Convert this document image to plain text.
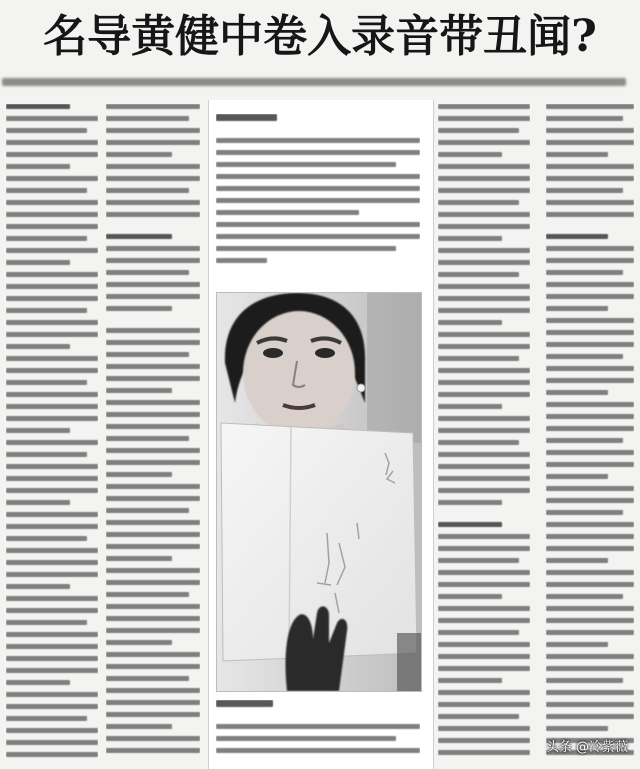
名导黄健中卷入录音带丑闻?
头条 @冷紫薇
